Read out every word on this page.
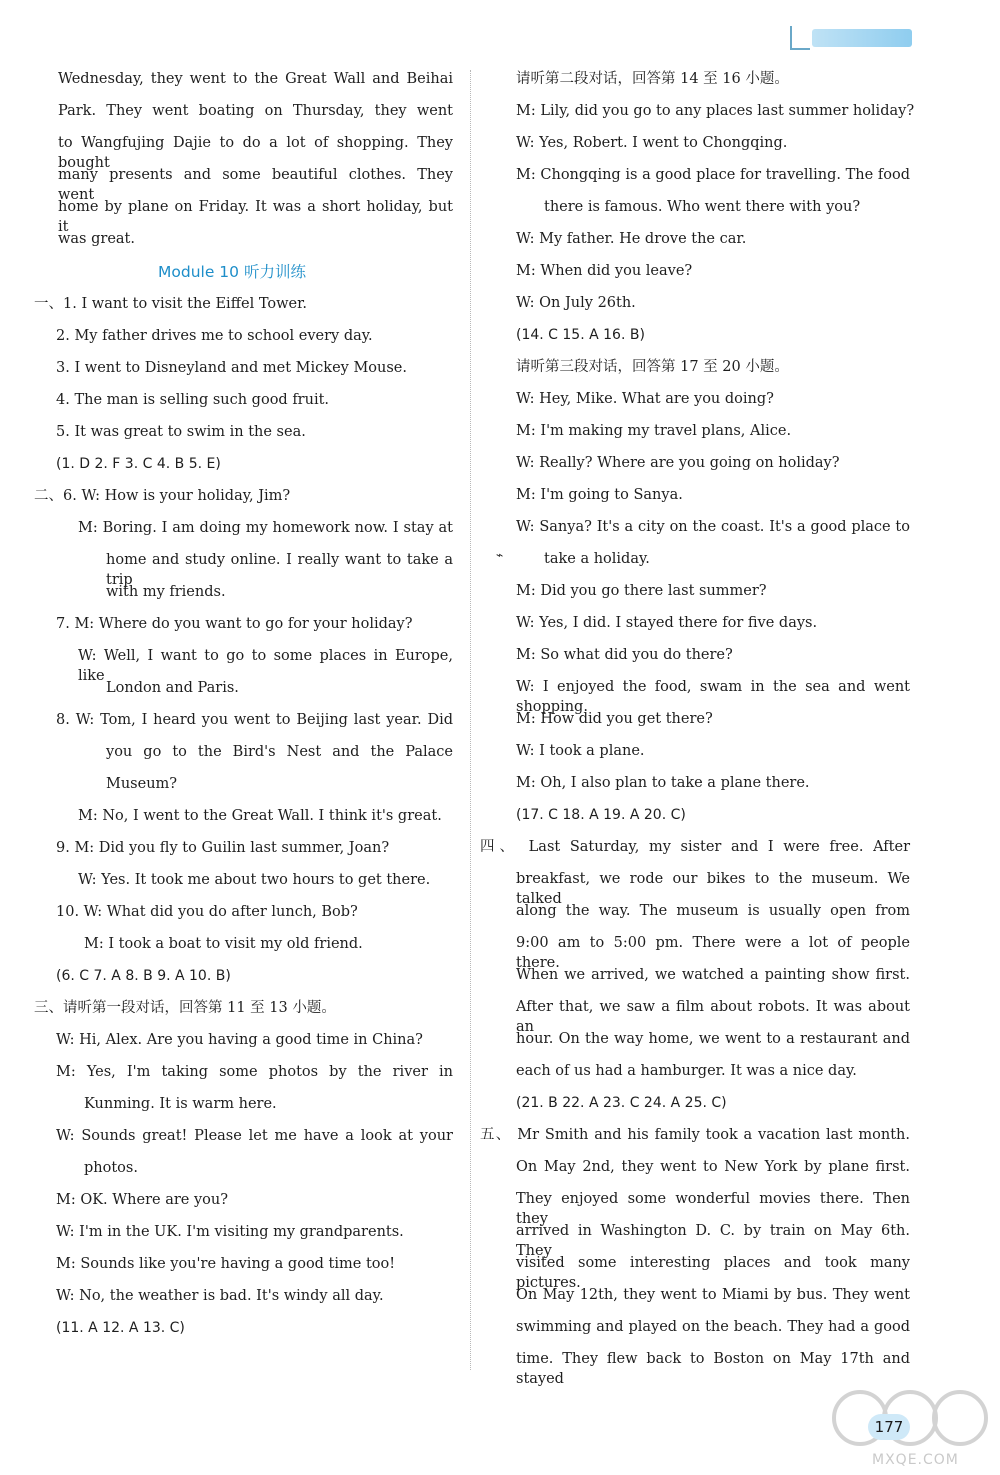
Wednesday, they went to the Great Wall and Beihai
Park. They went boating on Thursday, they went
to Wangfujing Dajie to do a lot of shopping. They bought
many presents and some beautiful clothes. They went
home by plane on Friday. It was a short holiday, but it
was great.
Module 10 听力训练
一、1. I want to visit the Eiffel Tower.
2. My father drives me to school every day.
3. I went to Disneyland and met Mickey Mouse.
4. The man is selling such good fruit.
5. It was great to swim in the sea.
(1. D 2. F 3. C 4. B 5. E)
二、6. W: How is your holiday, Jim?
M: Boring. I am doing my homework now. I stay at
home and study online. I really want to take a trip
with my friends.
7. M: Where do you want to go for your holiday?
W: Well, I want to go to some places in Europe, like
London and Paris.
8. W: Tom, I heard you went to Beijing last year. Did
you go to the Bird's Nest and the Palace
Museum?
M: No, I went to the Great Wall. I think it's great.
9. M: Did you fly to Guilin last summer, Joan?
W: Yes. It took me about two hours to get there.
10. W: What did you do after lunch, Bob?
M: I took a boat to visit my old friend.
(6. C 7. A 8. B 9. A 10. B)
三、请听第一段对话，回答第 11 至 13 小题。
W: Hi, Alex. Are you having a good time in China?
M: Yes, I'm taking some photos by the river in
Kunming. It is warm here.
W: Sounds great! Please let me have a look at your
photos.
M: OK. Where are you?
W: I'm in the UK. I'm visiting my grandparents.
M: Sounds like you're having a good time too!
W: No, the weather is bad. It's windy all day.
(11. A 12. A 13. C)
请听第二段对话，回答第 14 至 16 小题。
M: Lily, did you go to any places last summer holiday?
W: Yes, Robert. I went to Chongqing.
M: Chongqing is a good place for travelling. The food
there is famous. Who went there with you?
W: My father. He drove the car.
M: When did you leave?
W: On July 26th.
(14. C 15. A 16. B)
请听第三段对话，回答第 17 至 20 小题。
W: Hey, Mike. What are you doing?
M: I'm making my travel plans, Alice.
W: Really? Where are you going on holiday?
M: I'm going to Sanya.
W: Sanya? It's a city on the coast. It's a good place to
take a holiday.
M: Did you go there last summer?
W: Yes, I did. I stayed there for five days.
M: So what did you do there?
W: I enjoyed the food, swam in the sea and went shopping.
M: How did you get there?
W: I took a plane.
M: Oh, I also plan to take a plane there.
(17. C 18. A 19. A 20. C)
四、 Last Saturday, my sister and I were free. After
breakfast, we rode our bikes to the museum. We talked
along the way. The museum is usually open from
9:00 am to 5:00 pm. There were a lot of people there.
When we arrived, we watched a painting show first.
After that, we saw a film about robots. It was about an
hour. On the way home, we went to a restaurant and
each of us had a hamburger. It was a nice day.
(21. B 22. A 23. C 24. A 25. C)
五、 Mr Smith and his family took a vacation last month.
On May 2nd, they went to New York by plane first.
They enjoyed some wonderful movies there. Then they
arrived in Washington D. C. by train on May 6th. They
visited some interesting places and took many pictures.
On May 12th, they went to Miami by bus. They went
swimming and played on the beach. They had a good
time. They flew back to Boston on May 17th and stayed
⌁
MXQE.COM
177
